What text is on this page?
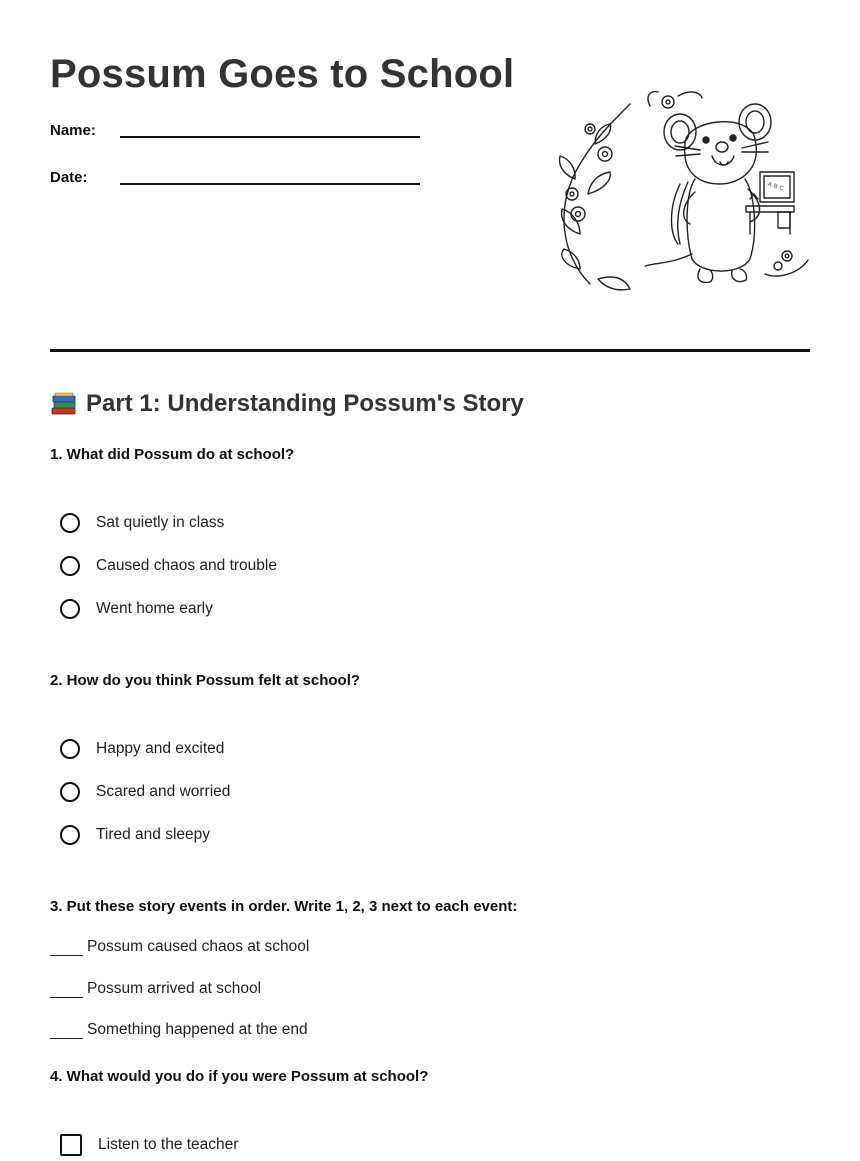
Possum Goes to School
Name:
Date:
A B C
Part 1: Understanding Possum's Story

1. What did Possum do at school?

Sat quietly in class
Caused chaos and trouble
Went home early

2. How do you think Possum felt at school?

Happy and excited
Scared and worried
Tired and sleepy

3. Put these story events in order. Write 1, 2, 3 next to each event:

Possum caused chaos at school
Possum arrived at school
Something happened at the end

4. What would you do if you were Possum at school?

Listen to the teacher
